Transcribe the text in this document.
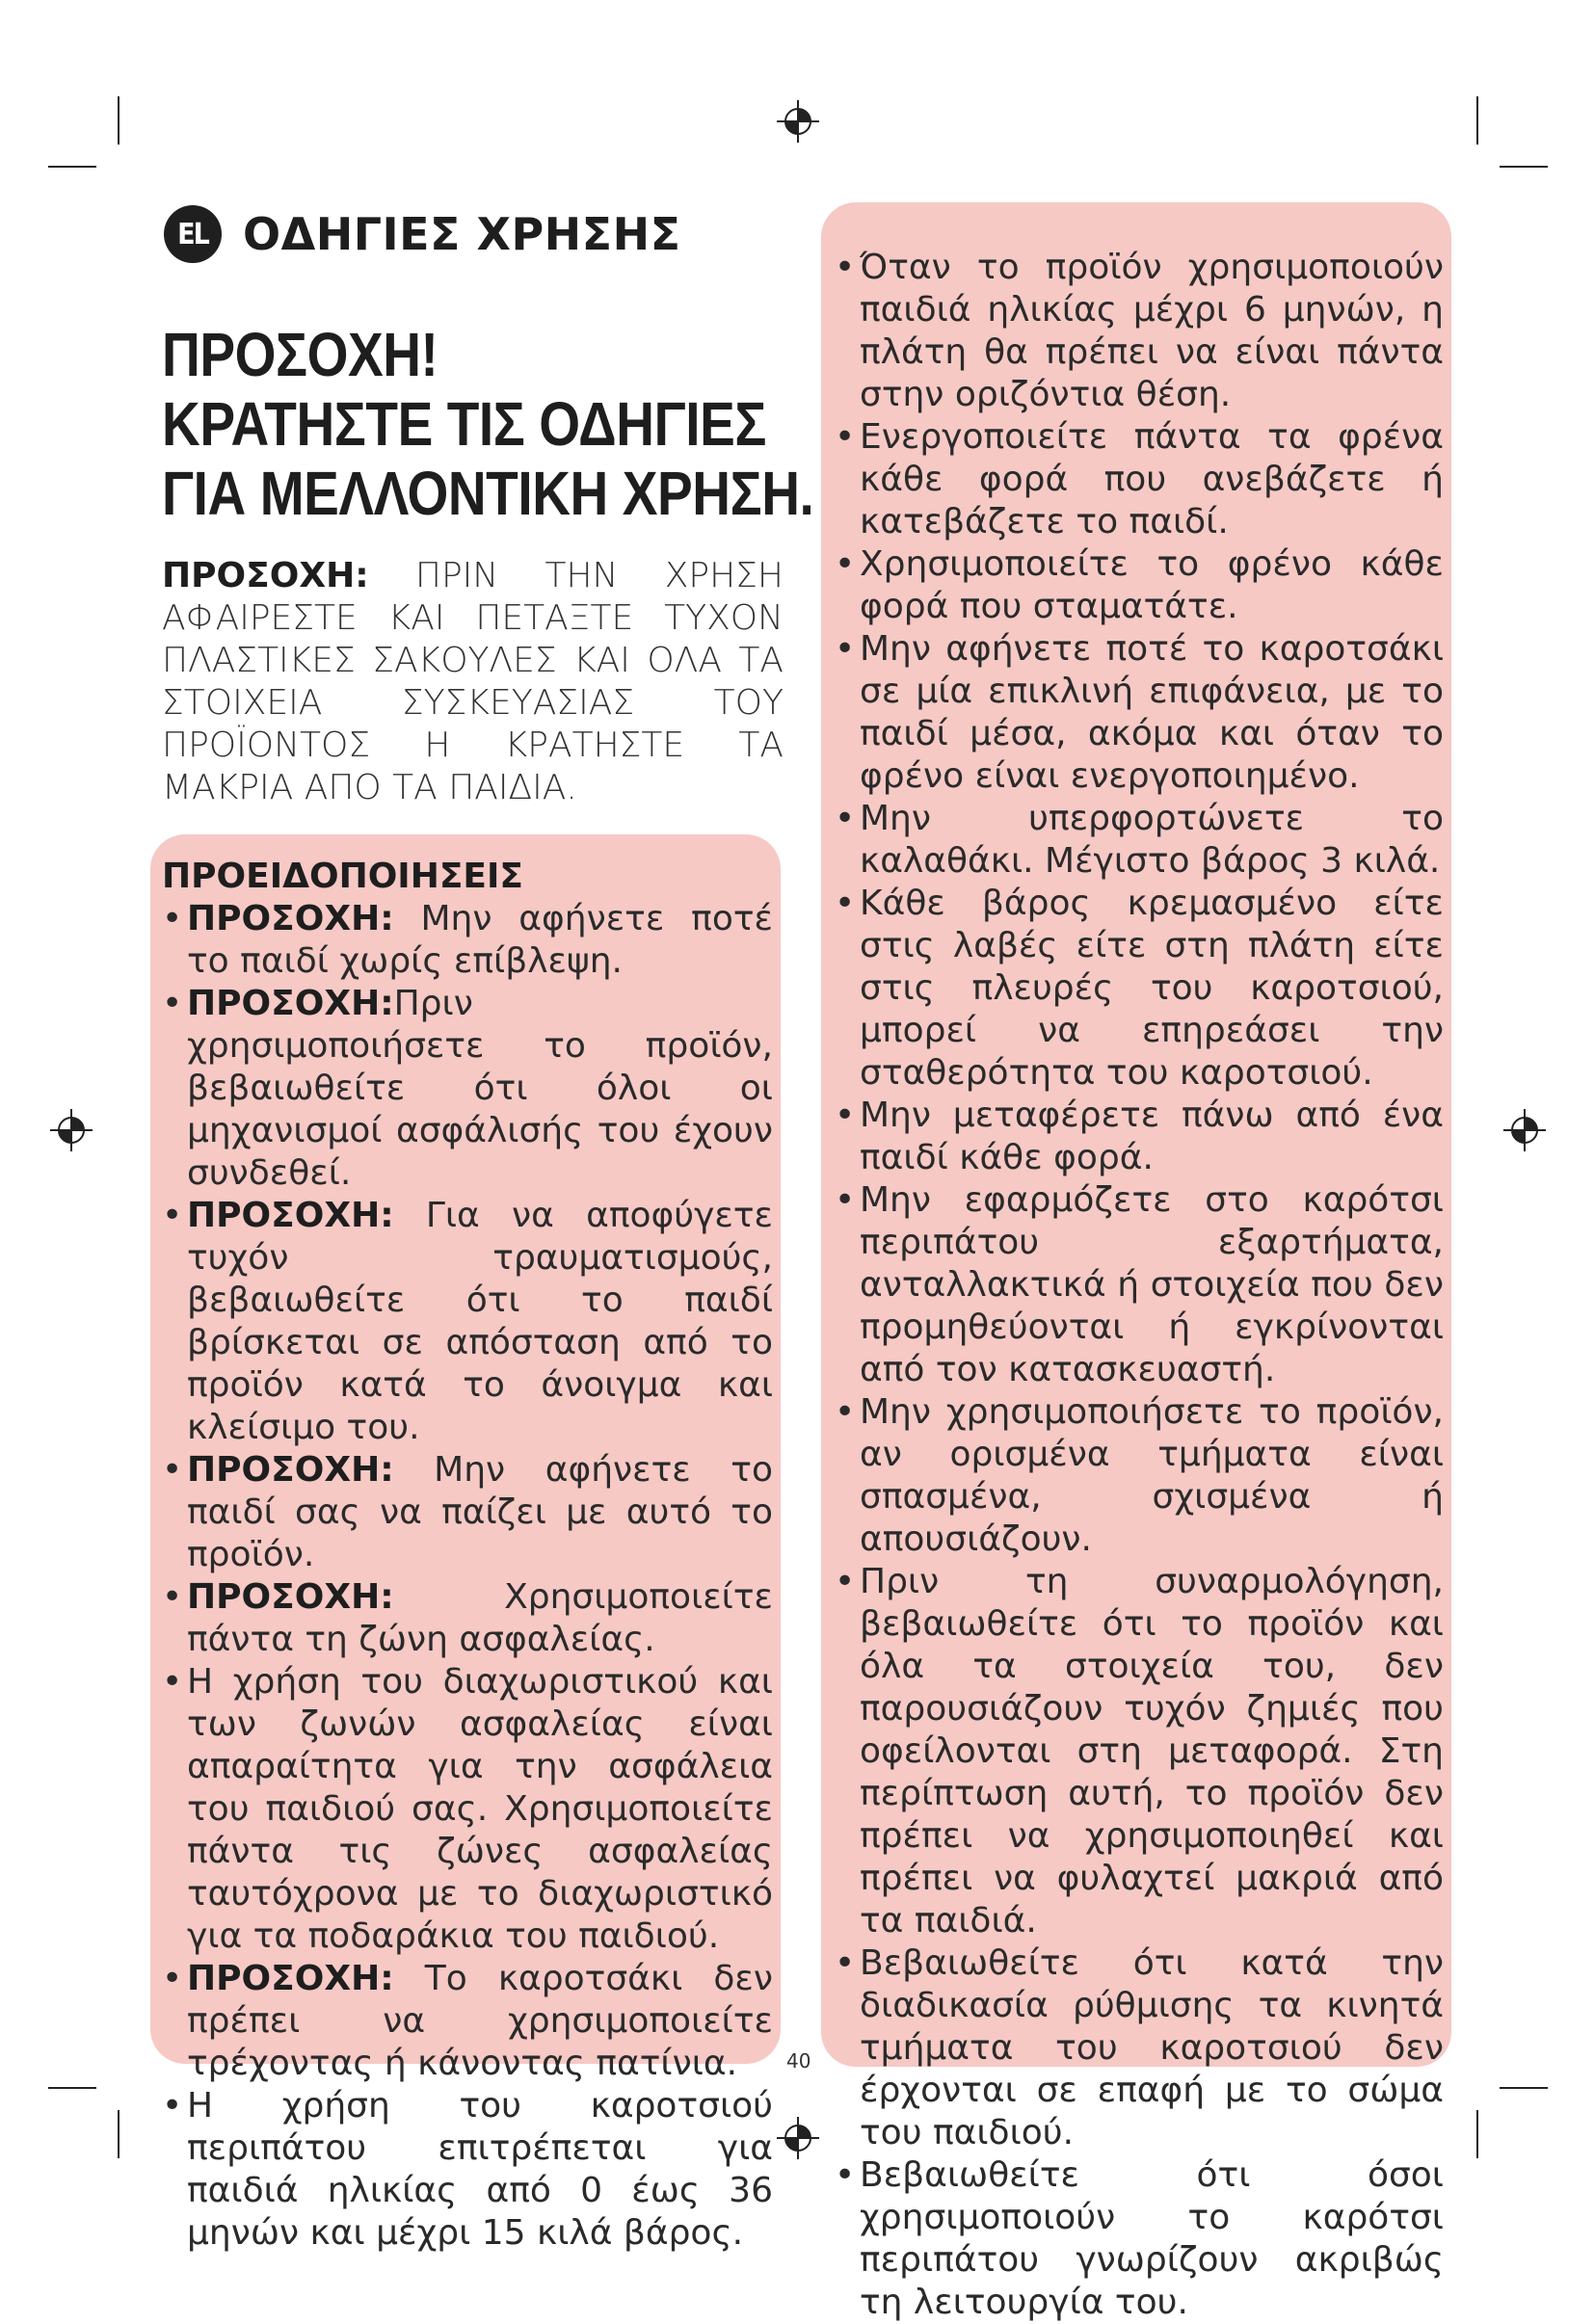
EL ΟΔΗΓΙΕΣ ΧΡΗΣΗΣ
ΠΡΟΣΟΧΗ!
ΚΡΑΤΗΣΤΕ ΤΙΣ ΟΔΗΓΙΕΣ
ΓΙΑ ΜΕΛΛΟΝΤΙΚΗ ΧΡΗΣΗ.
ΠΡΟΣΟΧΗ: ΠΡΙΝ ΤΗΝ ΧΡΗΣΗ ΑΦΑΙΡΕΣΤΕ ΚΑΙ ΠΕΤΑΞΤΕ ΤΥΧΟΝ ΠΛΑΣΤΙΚΕΣ ΣΑΚΟΥΛΕΣ ΚΑΙ ΟΛΑ ΤΑ ΣΤΟΙΧΕΙΑ ΣΥΣΚΕΥΑΣΙΑΣ ΤΟΥ ΠΡΟΪΟΝΤΟΣ Η ΚΡΑΤΗΣΤΕ ΤΑ ΜΑΚΡΙΑ ΑΠΟ ΤΑ ΠΑΙΔΙΑ.
ΠΡΟΕΙΔΟΠΟΙΗΣΕΙΣ
• ΠΡΟΣΟΧΗ: Μην αφήνετε ποτέ το παιδί χωρίς επίβλεψη.
• ΠΡΟΣΟΧΗ:Πριν χρησιμοποιήσετε το προϊόν, βεβαιωθείτε ότι όλοι οι μηχανισμοί ασφάλισής του έχουν συνδεθεί.
• ΠΡΟΣΟΧΗ: Για να αποφύγετε τυχόν τραυματισμούς, βεβαιωθείτε ότι το παιδί βρίσκεται σε απόσταση από το προϊόν κατά το άνοιγμα και κλείσιμο του.
• ΠΡΟΣΟΧΗ: Μην αφήνετε το παιδί σας να παίζει με αυτό το προϊόν.
• ΠΡΟΣΟΧΗ: Χρησιμοποιείτε πάντα τη ζώνη ασφαλείας.
• Η χρήση του διαχωριστικού και των ζωνών ασφαλείας είναι απαραίτητα για την ασφάλεια του παιδιού σας. Χρησιμοποιείτε πάντα τις ζώνες ασφαλείας ταυτόχρονα με το διαχωριστικό για τα ποδαράκια του παιδιού.
• ΠΡΟΣΟΧΗ: Το καροτσάκι δεν πρέπει να χρησιμοποιείτε τρέχοντας ή κάνοντας πατίνια.
• Η χρήση του καροτσιού περιπάτου επιτρέπεται για παιδιά ηλικίας από 0 έως 36 μηνών και μέχρι 15 κιλά βάρος.
• Όταν το προϊόν χρησιμοποιούν παιδιά ηλικίας μέχρι 6 μηνών, η πλάτη θα πρέπει να είναι πάντα στην οριζόντια θέση.
• Ενεργοποιείτε πάντα τα φρένα κάθε φορά που ανεβάζετε ή κατεβάζετε το παιδί.
• Χρησιμοποιείτε το φρένο κάθε φορά που σταματάτε.
• Μην αφήνετε ποτέ το καροτσάκι σε μία επικλινή επιφάνεια, με το παιδί μέσα, ακόμα και όταν το φρένο είναι ενεργοποιημένο.
• Μην υπερφορτώνετε το καλαθάκι. Μέγιστο βάρος 3 κιλά.
• Κάθε βάρος κρεμασμένο είτε στις λαβές είτε στη πλάτη είτε στις πλευρές του καροτσιού, μπορεί να επηρεάσει την σταθερότητα του καροτσιού.
• Μην μεταφέρετε πάνω από ένα παιδί κάθε φορά.
• Μην εφαρμόζετε στο καρότσι περιπάτου εξαρτήματα, ανταλλακτικά ή στοιχεία που δεν προμηθεύονται ή εγκρίνονται από τον κατασκευαστή.
• Μην χρησιμοποιήσετε το προϊόν, αν ορισμένα τμήματα είναι σπασμένα, σχισμένα ή απουσιάζουν.
• Πριν τη συναρμολόγηση, βεβαιωθείτε ότι το προϊόν και όλα τα στοιχεία του, δεν παρουσιάζουν τυχόν ζημιές που οφείλονται στη μεταφορά. Στη περίπτωση αυτή, το προϊόν δεν πρέπει να χρησιμοποιηθεί και πρέπει να φυλαχτεί μακριά από τα παιδιά.
• Βεβαιωθείτε ότι κατά την διαδικασία ρύθμισης τα κινητά τμήματα του καροτσιού δεν έρχονται σε επαφή με το σώμα του παιδιού.
• Βεβαιωθείτε ότι όσοι χρησιμοποιούν το καρότσι περιπάτου γνωρίζουν ακριβώς τη λειτουργία του.
40
